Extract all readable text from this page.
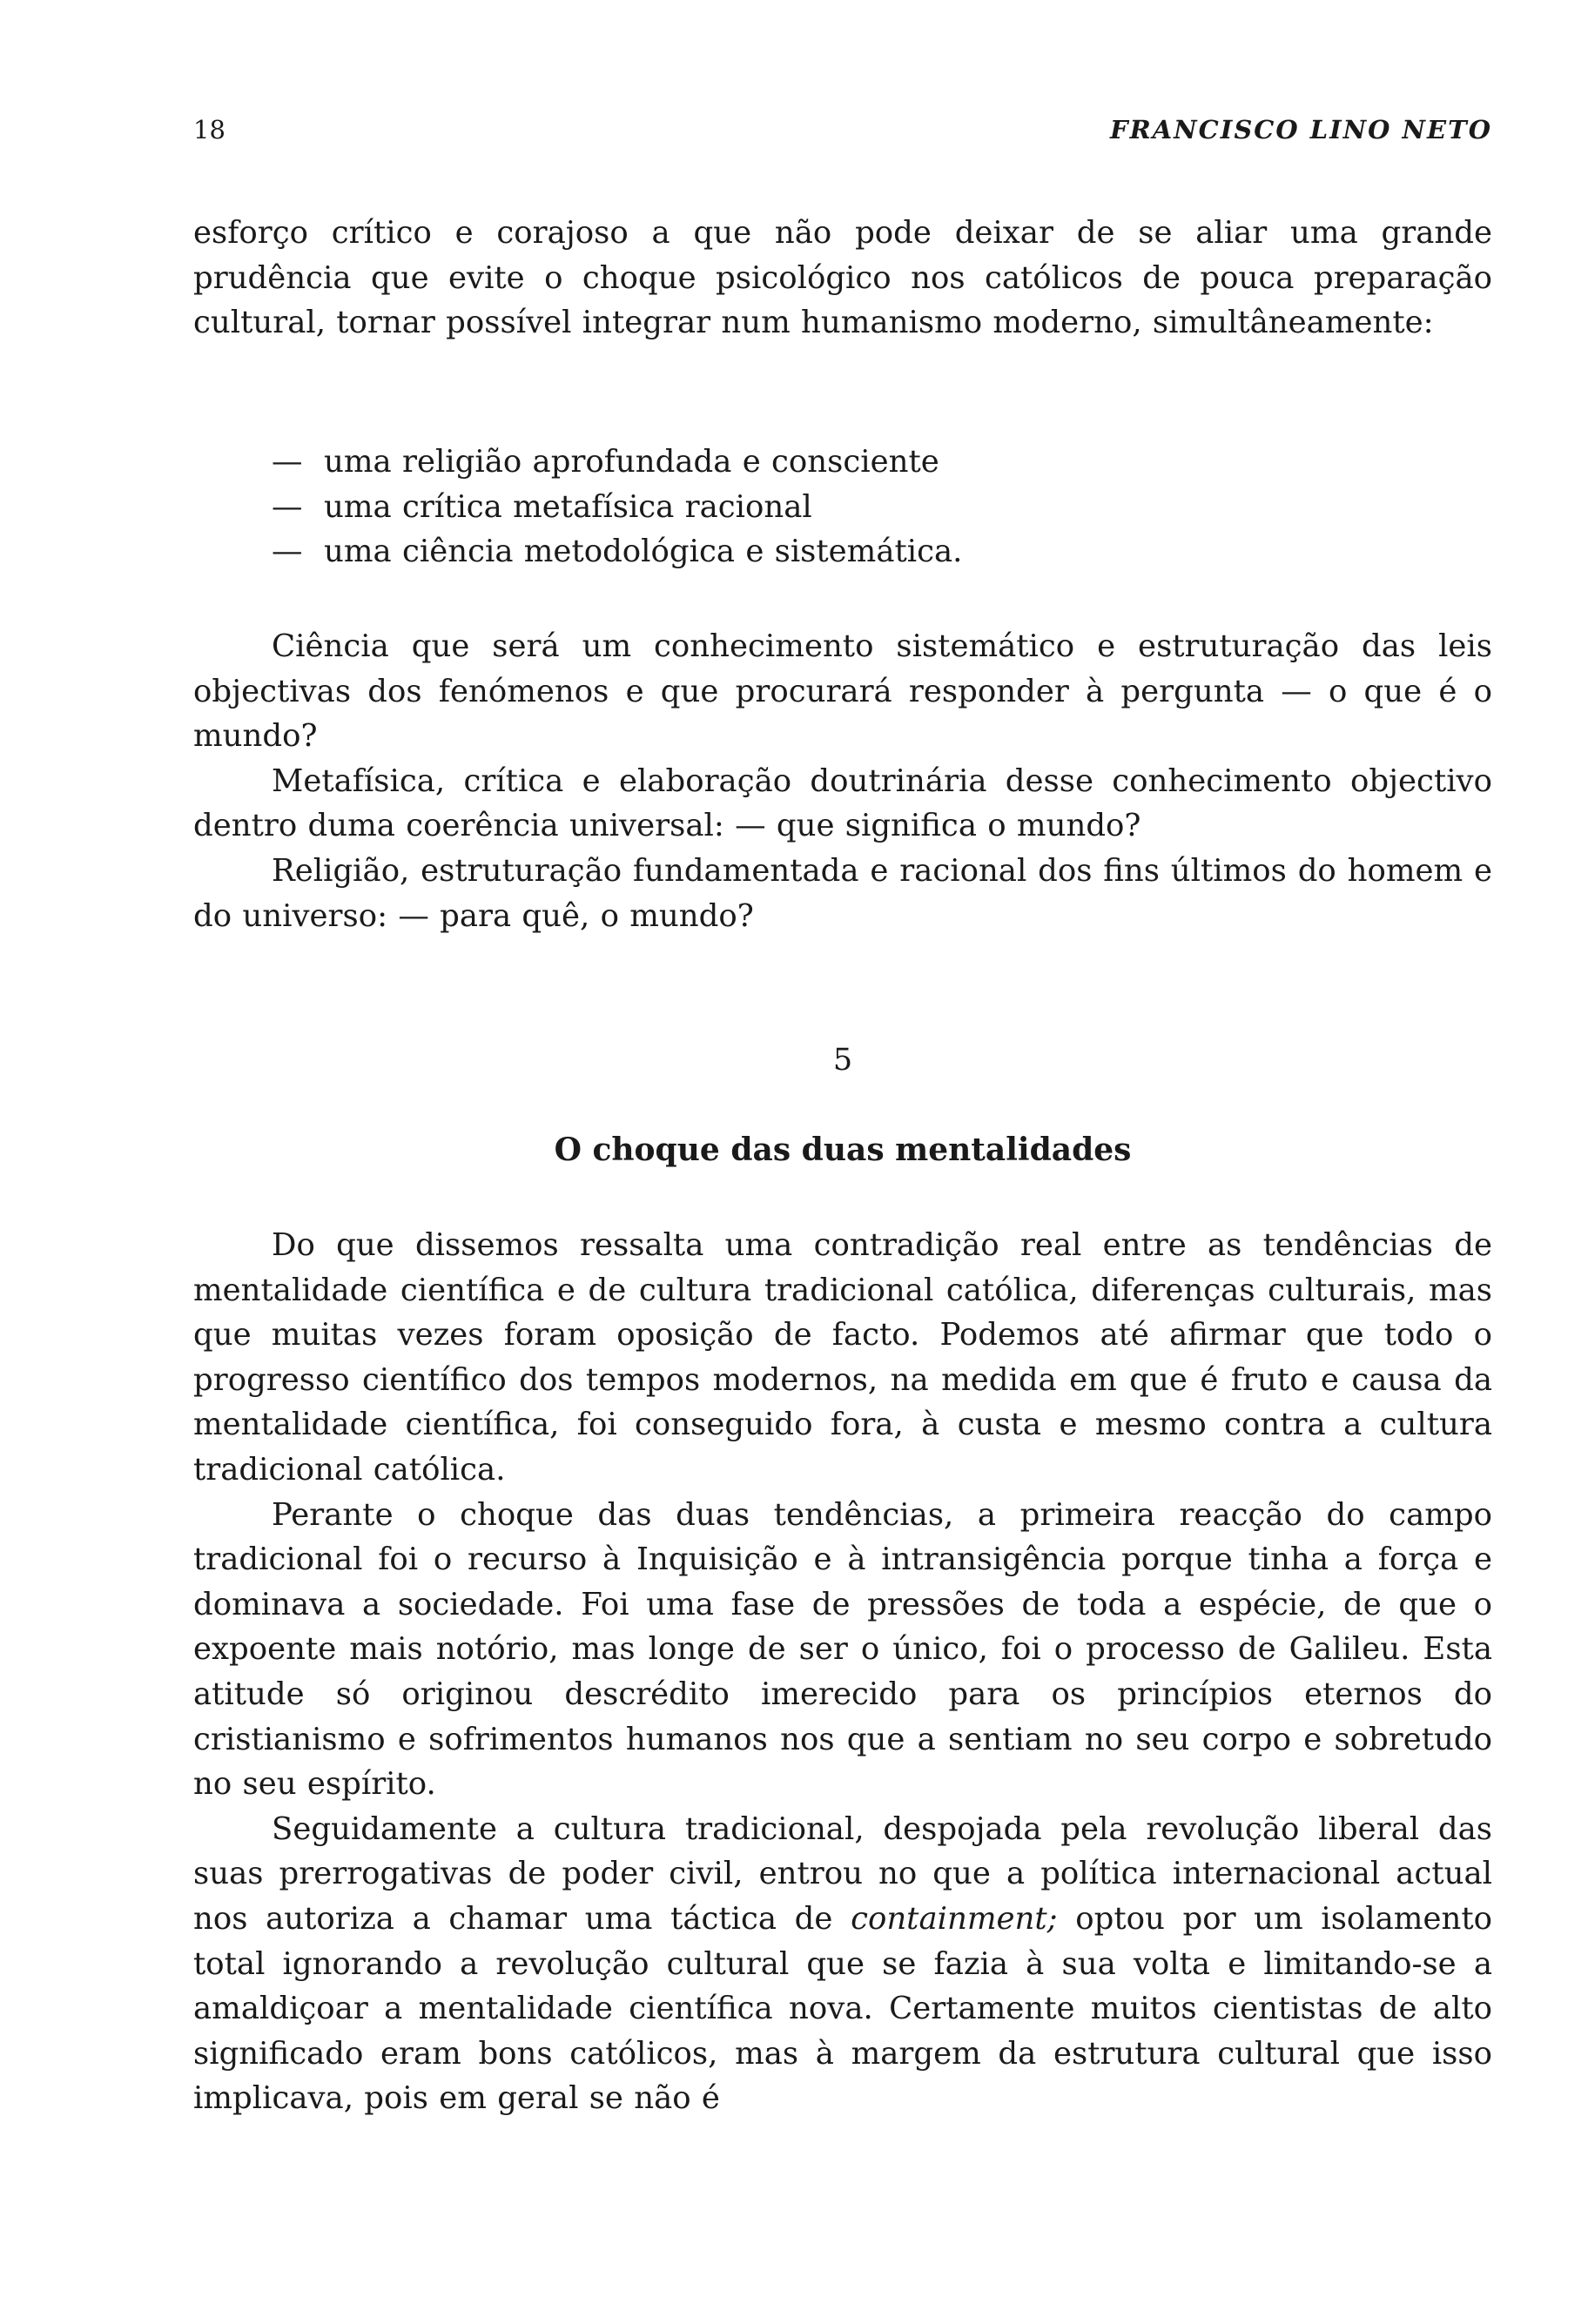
18	FRANCISCO LINO NETO

esforço crítico e corajoso a que não pode deixar de se aliar uma grande prudência que evite o choque psicológico nos católicos de pouca preparação cultural, tornar possível integrar num humanismo moderno, simultâneamente:

— uma religião aprofundada e consciente
— uma crítica metafísica racional
— uma ciência metodológica e sistemática.

Ciência que será um conhecimento sistemático e estruturação das leis objectivas dos fenómenos e que procurará responder à pergunta — o que é o mundo?

Metafísica, crítica e elaboração doutrinária desse conhecimento objectivo dentro duma coerência universal: — que significa o mundo?

Religião, estruturação fundamentada e racional dos fins últimos do homem e do universo: — para quê, o mundo?

5
O choque das duas mentalidades

Do que dissemos ressalta uma contradição real entre as tendências de mentalidade científica e de cultura tradicional católica, diferenças culturais, mas que muitas vezes foram oposição de facto. Podemos até afirmar que todo o progresso científico dos tempos modernos, na medida em que é fruto e causa da mentalidade científica, foi conseguido fora, à custa e mesmo contra a cultura tradicional católica.

Perante o choque das duas tendências, a primeira reacção do campo tradicional foi o recurso à Inquisição e à intransigência porque tinha a força e dominava a sociedade. Foi uma fase de pressões de toda a espécie, de que o expoente mais notório, mas longe de ser o único, foi o processo de Galileu. Esta atitude só originou descrédito imerecido para os princípios eternos do cristianismo e sofrimentos humanos nos que a sentiam no seu corpo e sobretudo no seu espírito.

Seguidamente a cultura tradicional, despojada pela revolução liberal das suas prerrogativas de poder civil, entrou no que a política internacional actual nos autoriza a chamar uma táctica de containment; optou por um isolamento total ignorando a revolução cultural que se fazia à sua volta e limitando-se a amaldiçoar a mentalidade científica nova. Certamente muitos cientistas de alto significado eram bons católicos, mas à margem da estrutura cultural que isso implicava, pois em geral se não é
